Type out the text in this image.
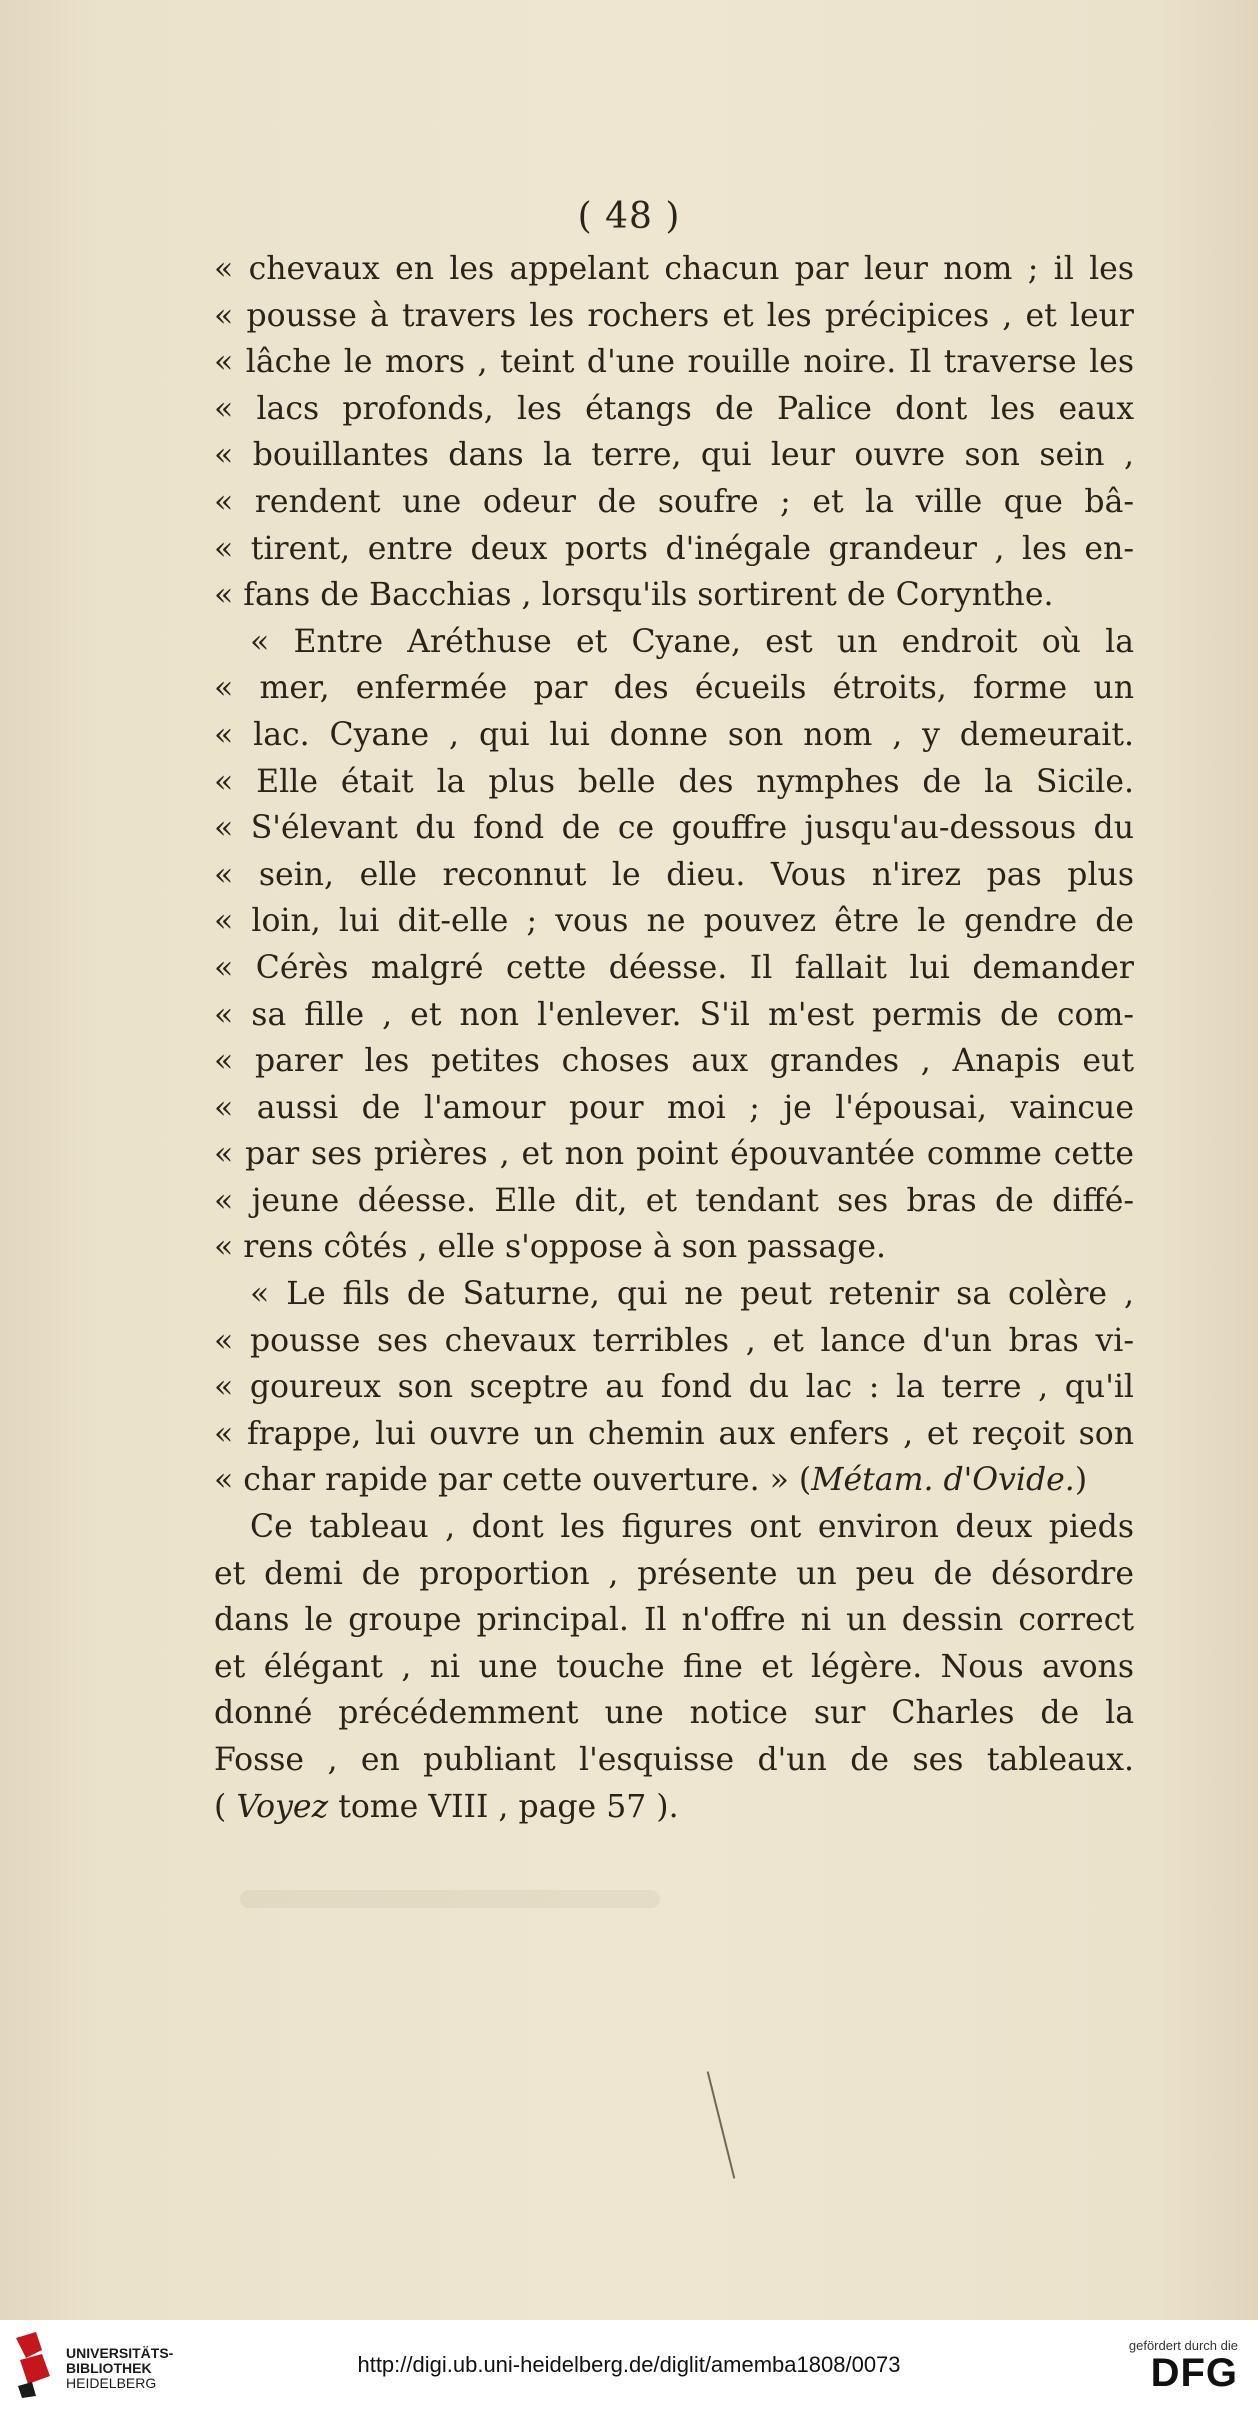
( 48 )
« chevaux en les appelant chacun par leur nom ; il les
« pousse à travers les rochers et les précipices , et leur
« lâche le mors , teint d'une rouille noire. Il traverse les
« lacs profonds, les étangs de Palice dont les eaux
« bouillantes dans la terre, qui leur ouvre son sein ,
« rendent une odeur de soufre ; et la ville que bâ-
« tirent, entre deux ports d'inégale grandeur , les en-
« fans de Bacchias , lorsqu'ils sortirent de Corynthe.
« Entre Aréthuse et Cyane, est un endroit où la
« mer, enfermée par des écueils étroits, forme un
« lac. Cyane , qui lui donne son nom , y demeurait.
« Elle était la plus belle des nymphes de la Sicile.
« S'élevant du fond de ce gouffre jusqu'au-dessous du
« sein, elle reconnut le dieu. Vous n'irez pas plus
« loin, lui dit-elle ; vous ne pouvez être le gendre de
« Cérès malgré cette déesse. Il fallait lui demander
« sa fille , et non l'enlever. S'il m'est permis de com-
« parer les petites choses aux grandes , Anapis eut
« aussi de l'amour pour moi ; je l'épousai, vaincue
« par ses prières , et non point épouvantée comme cette
« jeune déesse. Elle dit, et tendant ses bras de diffé-
« rens côtés , elle s'oppose à son passage.
« Le fils de Saturne, qui ne peut retenir sa colère ,
« pousse ses chevaux terribles , et lance d'un bras vi-
« goureux son sceptre au fond du lac : la terre , qu'il
« frappe, lui ouvre un chemin aux enfers , et reçoit son
« char rapide par cette ouverture. » (Métam. d'Ovide.)
Ce tableau , dont les figures ont environ deux pieds
et demi de proportion , présente un peu de désordre
dans le groupe principal. Il n'offre ni un dessin correct
et élégant , ni une touche fine et légère. Nous avons
donné précédemment une notice sur Charles de la
Fosse , en publiant l'esquisse d'un de ses tableaux.
( Voyez tome VIII , page 57 ).
UNIVERSITÄTS-
BIBLIOTHEK
HEIDELBERG
http://digi.ub.uni-heidelberg.de/diglit/amemba1808/0073
gefördert durch die
DFG
